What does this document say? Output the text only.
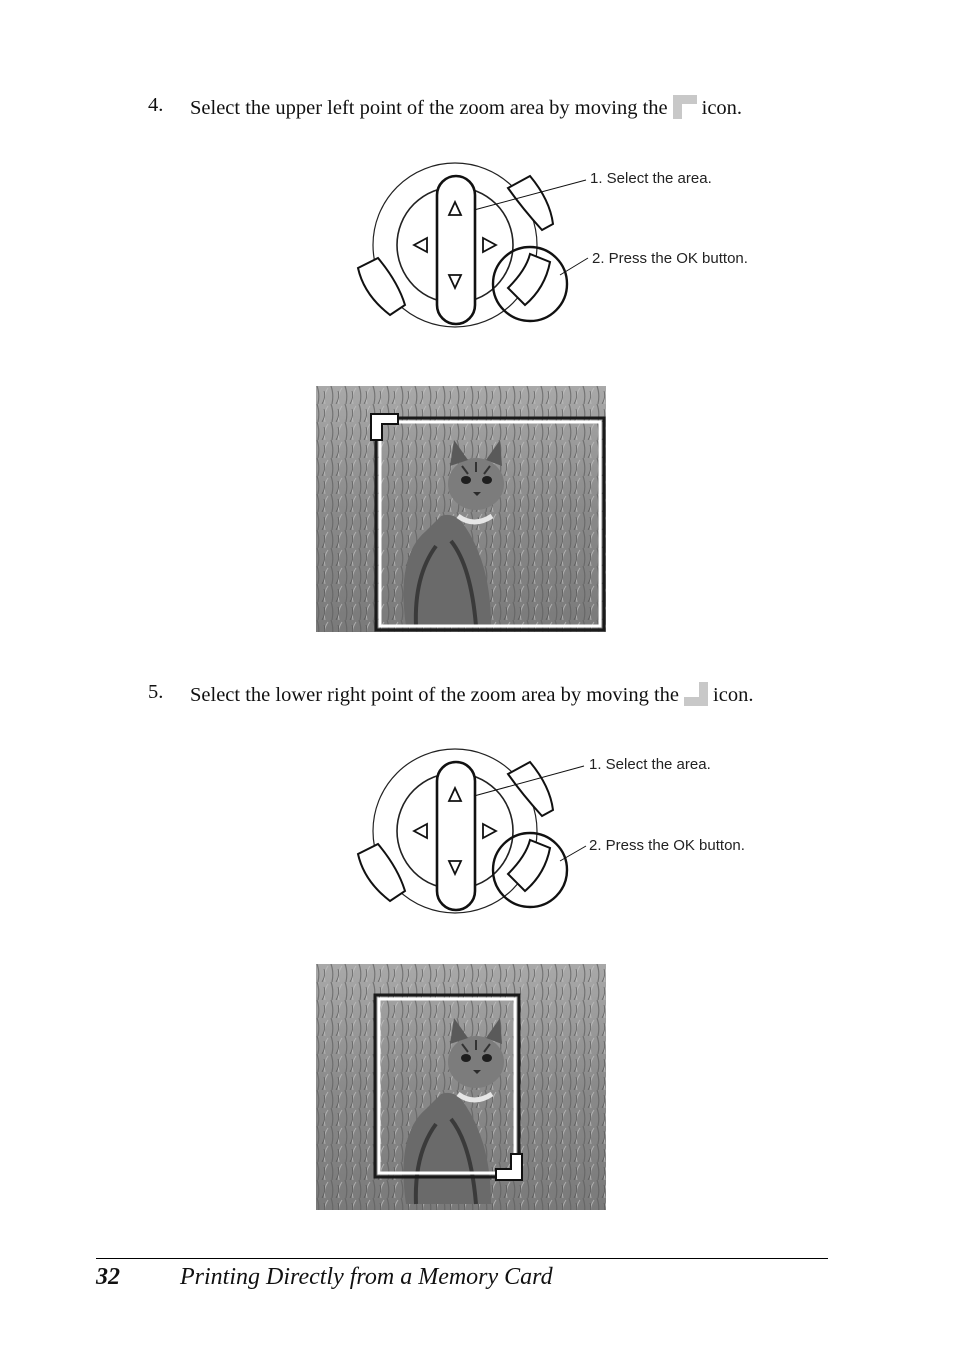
4. Select the upper left point of the zoom area by moving the icon.
1. Select the area.
2. Press the OK button.
5. Select the lower right point of the zoom area by moving the icon.
1. Select the area.
2. Press the OK button.
32	Printing Directly from a Memory Card
